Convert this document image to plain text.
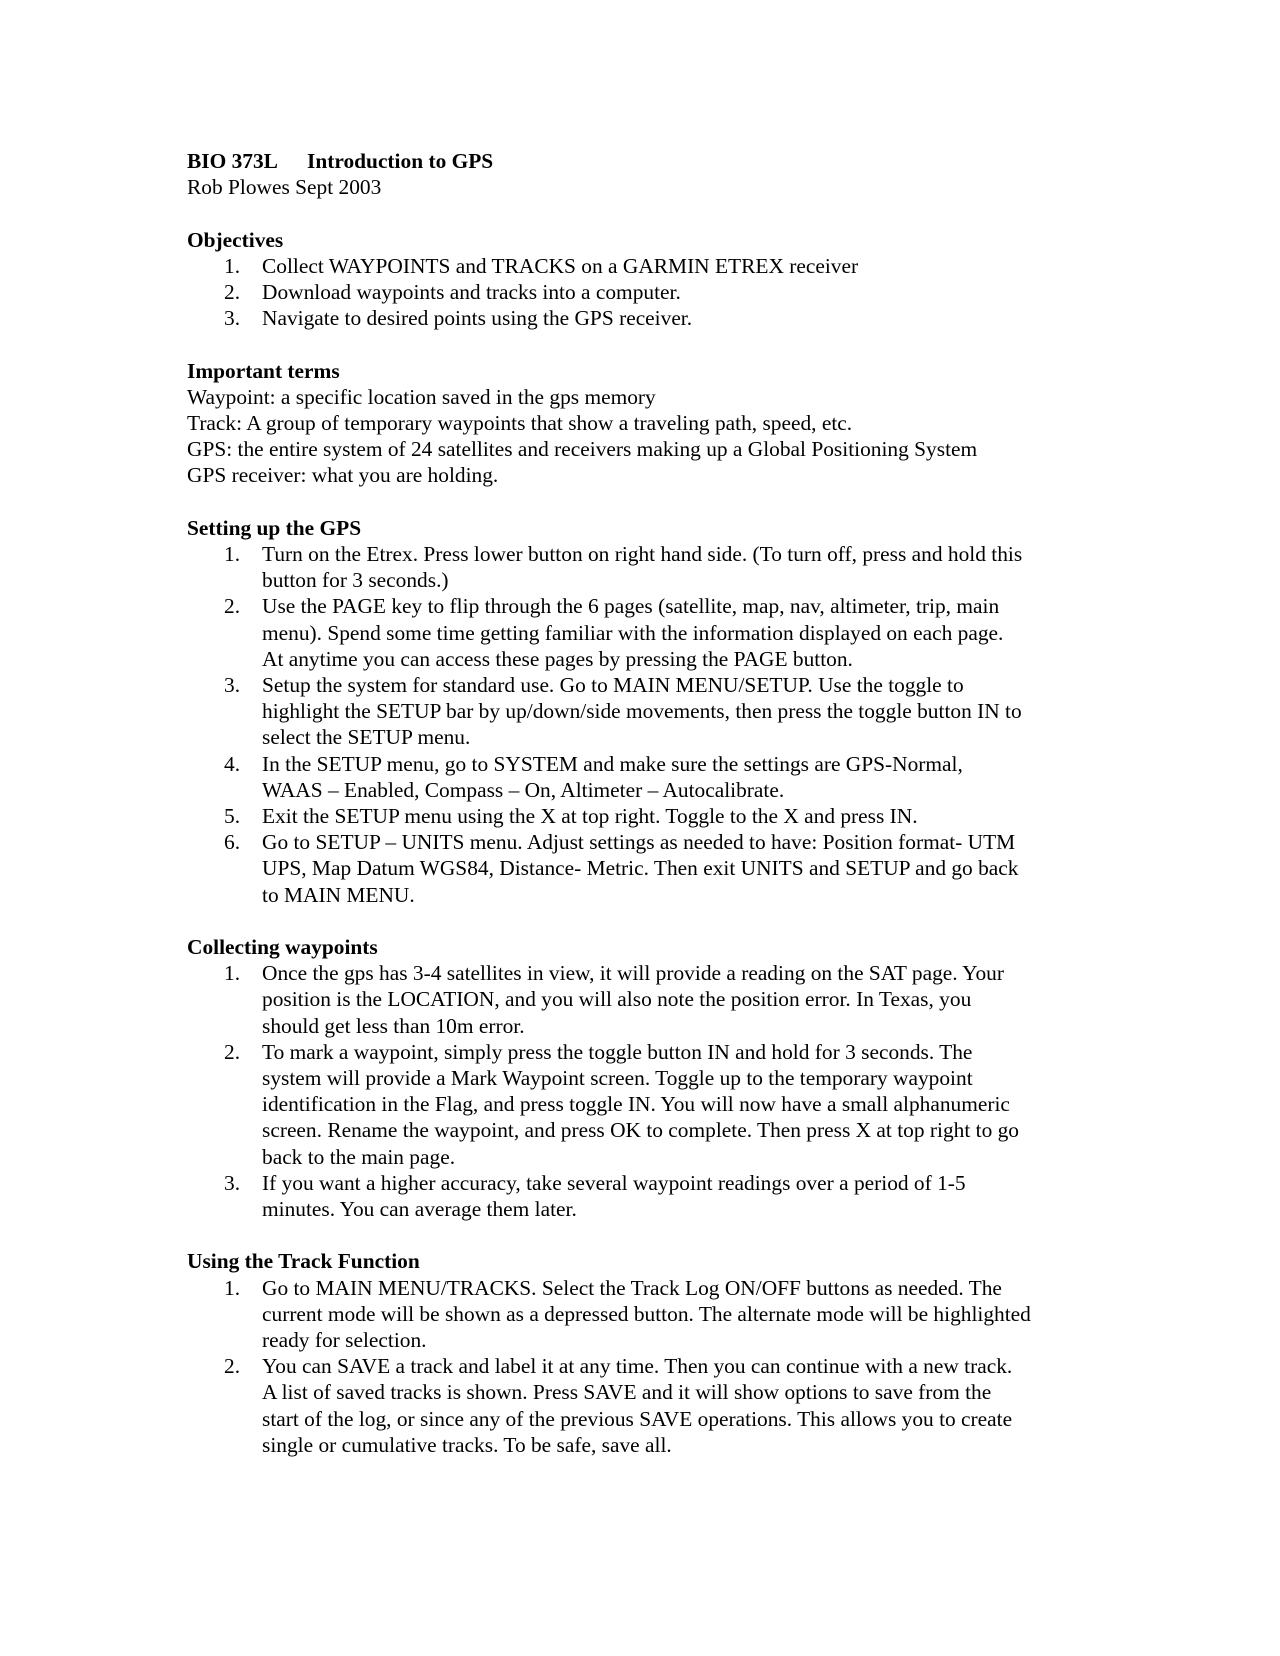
BIO 373L Introduction to GPS
Rob Plowes Sept 2003
Objectives
1. Collect WAYPOINTS and TRACKS on a GARMIN ETREX receiver
2. Download waypoints and tracks into a computer.
3. Navigate to desired points using the GPS receiver.
Important terms
Waypoint: a specific location saved in the gps memory
Track: A group of temporary waypoints that show a traveling path, speed, etc.
GPS: the entire system of 24 satellites and receivers making up a Global Positioning System
GPS receiver: what you are holding.
Setting up the GPS
1. Turn on the Etrex. Press lower button on right hand side. (To turn off, press and hold this
button for 3 seconds.)
2. Use the PAGE key to flip through the 6 pages (satellite, map, nav, altimeter, trip, main
menu). Spend some time getting familiar with the information displayed on each page.
At anytime you can access these pages by pressing the PAGE button.
3. Setup the system for standard use. Go to MAIN MENU/SETUP. Use the toggle to
highlight the SETUP bar by up/down/side movements, then press the toggle button IN to
select the SETUP menu.
4. In the SETUP menu, go to SYSTEM and make sure the settings are GPS-Normal,
WAAS – Enabled, Compass – On, Altimeter – Autocalibrate.
5. Exit the SETUP menu using the X at top right. Toggle to the X and press IN.
6. Go to SETUP – UNITS menu. Adjust settings as needed to have: Position format- UTM
UPS, Map Datum WGS84, Distance- Metric. Then exit UNITS and SETUP and go back
to MAIN MENU.
Collecting waypoints
1. Once the gps has 3-4 satellites in view, it will provide a reading on the SAT page. Your
position is the LOCATION, and you will also note the position error. In Texas, you
should get less than 10m error.
2. To mark a waypoint, simply press the toggle button IN and hold for 3 seconds. The
system will provide a Mark Waypoint screen. Toggle up to the temporary waypoint
identification in the Flag, and press toggle IN. You will now have a small alphanumeric
screen. Rename the waypoint, and press OK to complete. Then press X at top right to go
back to the main page.
3. If you want a higher accuracy, take several waypoint readings over a period of 1-5
minutes. You can average them later.
Using the Track Function
1. Go to MAIN MENU/TRACKS. Select the Track Log ON/OFF buttons as needed. The
current mode will be shown as a depressed button. The alternate mode will be highlighted
ready for selection.
2. You can SAVE a track and label it at any time. Then you can continue with a new track.
A list of saved tracks is shown. Press SAVE and it will show options to save from the
start of the log, or since any of the previous SAVE operations. This allows you to create
single or cumulative tracks. To be safe, save all.
